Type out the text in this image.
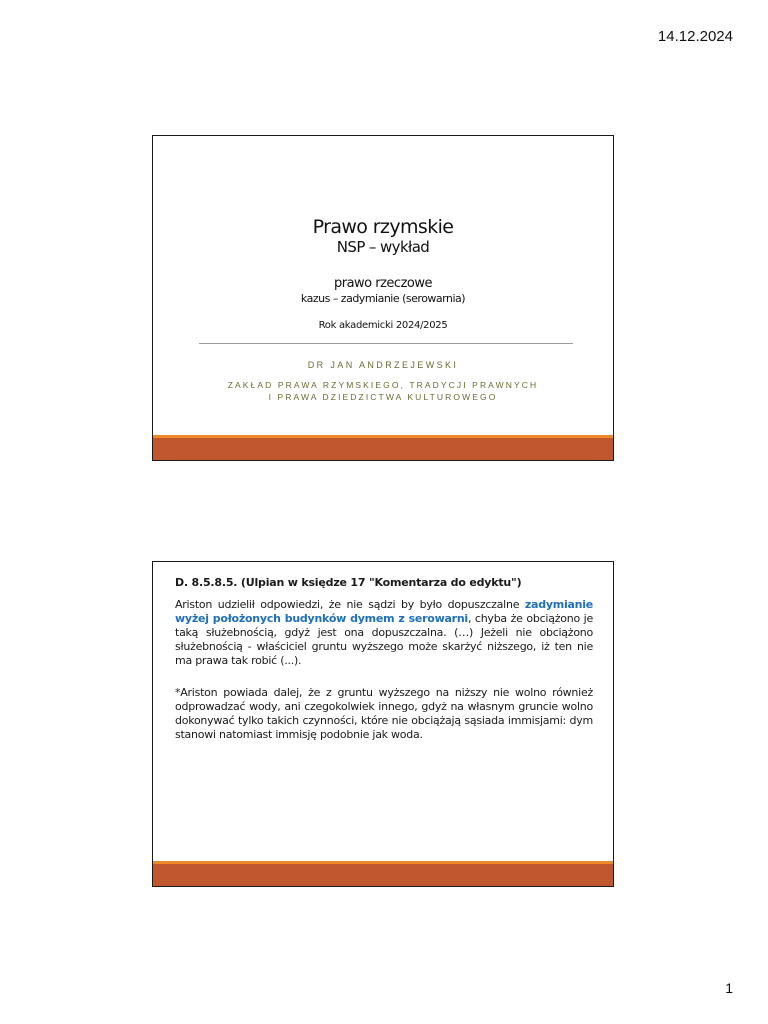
14.12.2024
Prawo rzymskie
NSP – wykład
prawo rzeczowe
kazus – zadymianie (serowarnia)
Rok akademicki 2024/2025
DR JAN ANDRZEJEWSKI
ZAKŁAD PRAWA RZYMSKIEGO, TRADYCJI PRAWNYCH
I PRAWA DZIEDZICTWA KULTUROWEGO
D. 8.5.8.5. (Ulpian w księdze 17 "Komentarza do edyktu")
Ariston udzielił odpowiedzi, że nie sądzi by było dopuszczalne zadymianie wyżej położonych budynków dymem z serowarni, chyba że obciążono je taką służebnością, gdyż jest ona dopuszczalna. (…) Jeżeli nie obciążono służebnością - właściciel gruntu wyższego może skarżyć niższego, iż ten nie ma prawa tak robić (...).
*Ariston powiada dalej, że z gruntu wyższego na niższy nie wolno również odprowadzać wody, ani czegokolwiek innego, gdyż na własnym gruncie wolno dokonywać tylko takich czynności, które nie obciążają sąsiada immisjami: dym stanowi natomiast immisję podobnie jak woda.
1
